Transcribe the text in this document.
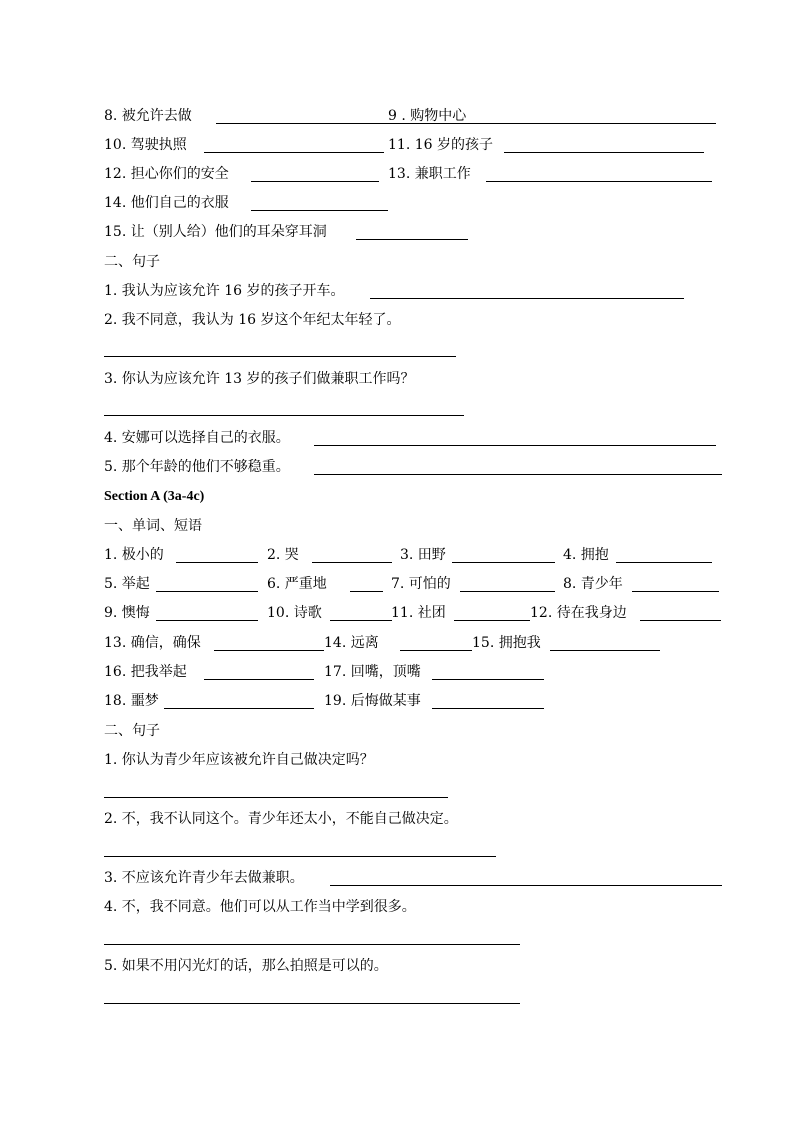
8. 被允许去做	9 . 购物中心
10. 驾驶执照	11. 16 岁的孩子
12. 担心你们的安全	13. 兼职工作
14. 他们自己的衣服
15. 让（别人给）他们的耳朵穿耳洞
二、句子
1. 我认为应该允许 16 岁的孩子开车。
2. 我不同意，我认为 16 岁这个年纪太年轻了。
3. 你认为应该允许 13 岁的孩子们做兼职工作吗？
4. 安娜可以选择自己的衣服。
5. 那个年龄的他们不够稳重。
Section A (3a-4c)
一、单词、短语
1. 极小的	2. 哭	3. 田野	4. 拥抱
5. 举起	6. 严重地	7. 可怕的	8. 青少年
9. 懊悔	10. 诗歌	11. 社团	12. 待在我身边
13. 确信，确保	14. 远离	15. 拥抱我
16. 把我举起	17. 回嘴，顶嘴
18. 噩梦	19. 后悔做某事
二、句子
1. 你认为青少年应该被允许自己做决定吗？
2. 不，我不认同这个。青少年还太小，不能自己做决定。
3. 不应该允许青少年去做兼职。
4. 不，我不同意。他们可以从工作当中学到很多。
5. 如果不用闪光灯的话，那么拍照是可以的。
